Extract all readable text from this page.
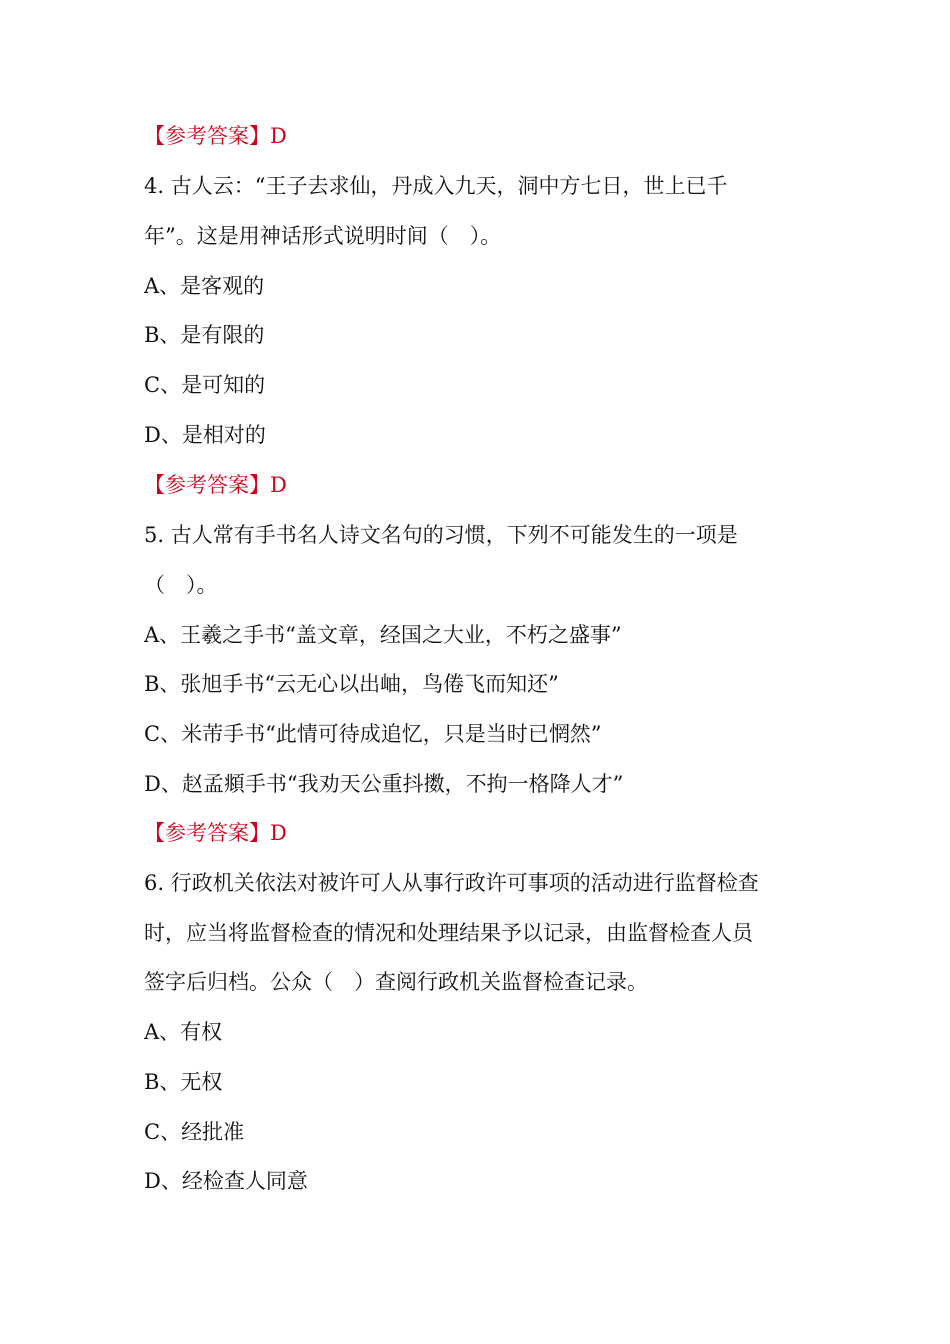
【参考答案】D
4. 古人云：“王子去求仙，丹成入九天，洞中方七日，世上已千
年”。这是用神话形式说明时间（　）。
A、是客观的
B、是有限的
C、是可知的
D、是相对的
【参考答案】D
5. 古人常有手书名人诗文名句的习惯，下列不可能发生的一项是
（　）。
A、王羲之手书“盖文章，经国之大业，不朽之盛事”
B、张旭手书“云无心以出岫，鸟倦飞而知还”
C、米芾手书“此情可待成追忆，只是当时已惘然”
D、赵孟頫手书“我劝天公重抖擞，不拘一格降人才”
【参考答案】D
6. 行政机关依法对被许可人从事行政许可事项的活动进行监督检查
时，应当将监督检查的情况和处理结果予以记录，由监督检查人员
签字后归档。公众（　）查阅行政机关监督检查记录。
A、有权
B、无权
C、经批准
D、经检查人同意
